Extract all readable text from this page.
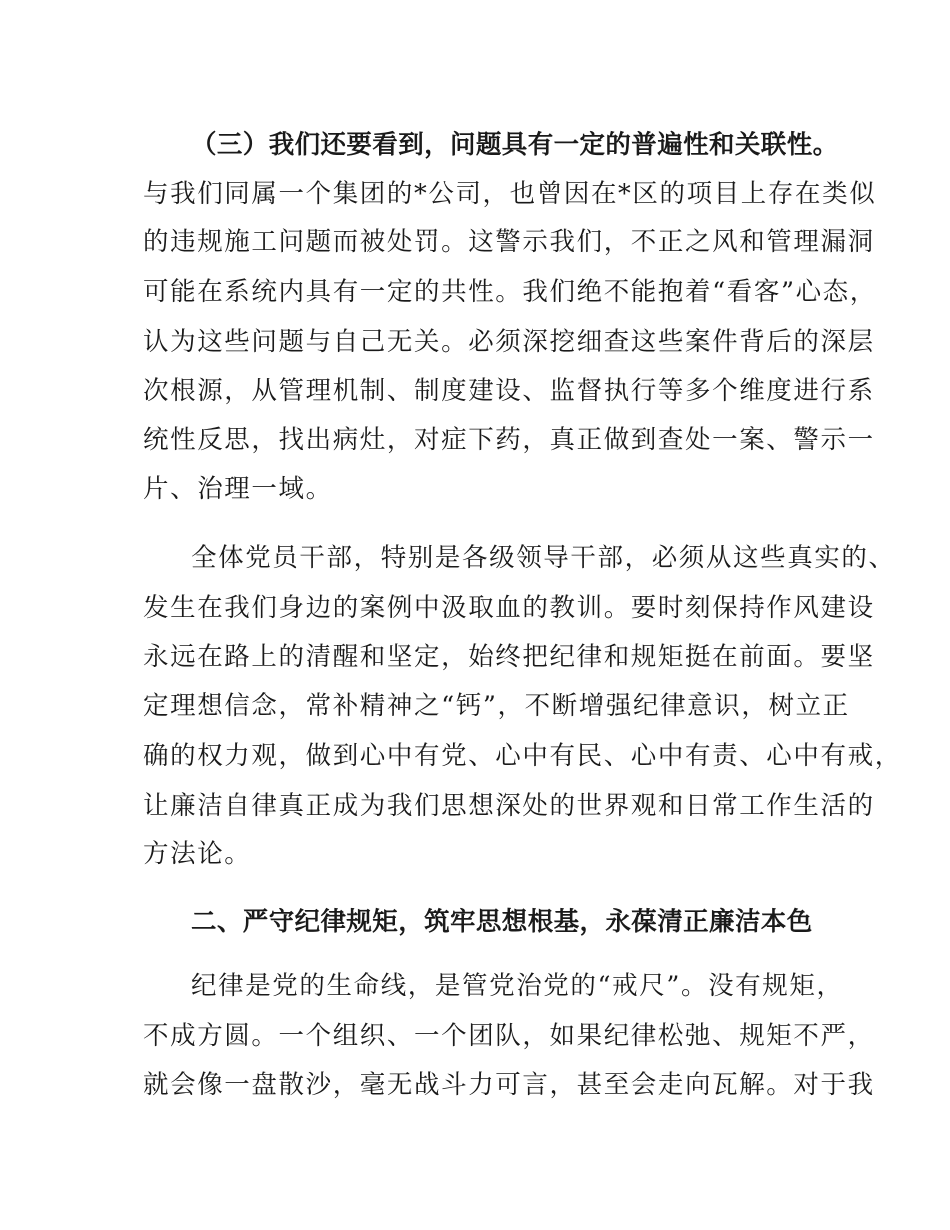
（三）我们还要看到，问题具有一定的普遍性和关联性。
与我们同属一个集团的*公司，也曾因在*区的项目上存在类似
的违规施工问题而被处罚。这警示我们，不正之风和管理漏洞
可能在系统内具有一定的共性。我们绝不能抱着“看客”心态，
认为这些问题与自己无关。必须深挖细查这些案件背后的深层
次根源，从管理机制、制度建设、监督执行等多个维度进行系
统性反思，找出病灶，对症下药，真正做到查处一案、警示一
片、治理一域。
全体党员干部，特别是各级领导干部，必须从这些真实的、
发生在我们身边的案例中汲取血的教训。要时刻保持作风建设
永远在路上的清醒和坚定，始终把纪律和规矩挺在前面。要坚
定理想信念，常补精神之“钙”，不断增强纪律意识，树立正
确的权力观，做到心中有党、心中有民、心中有责、心中有戒，
让廉洁自律真正成为我们思想深处的世界观和日常工作生活的
方法论。
二、严守纪律规矩，筑牢思想根基，永葆清正廉洁本色
纪律是党的生命线，是管党治党的“戒尺”。没有规矩，
不成方圆。一个组织、一个团队，如果纪律松弛、规矩不严，
就会像一盘散沙，毫无战斗力可言，甚至会走向瓦解。对于我
